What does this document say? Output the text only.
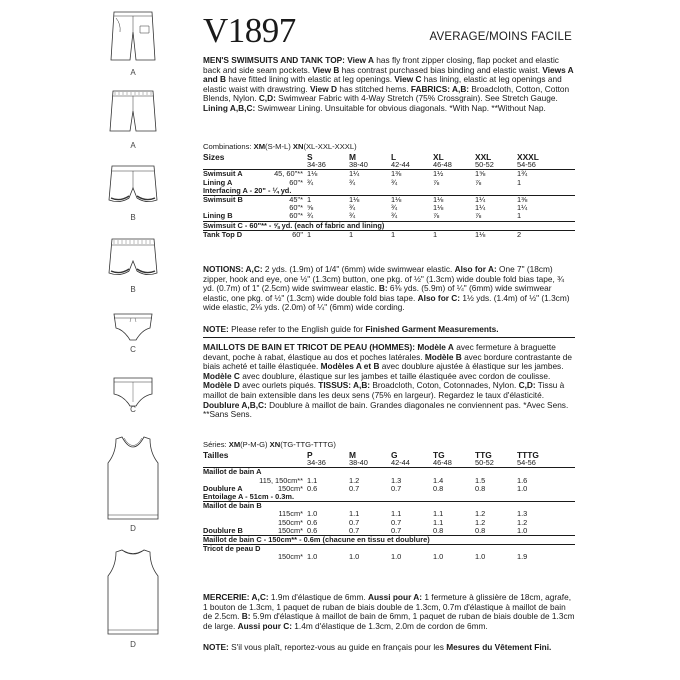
A
A
B
B
C
C
D
D
V1897	AVERAGE/MOINS FACILE
MEN'S SWIMSUITS AND TANK TOP: View A has fly front zipper closing, flap pocket and elastic back and side seam pockets. View B has contrast purchased bias binding and elastic waist. Views A and B have fitted lining with elastic at leg openings. View C has lining, elastic at leg openings and elastic waist with drawstring. View D has stitched hems. FABRICS: A,B: Broadcloth, Cotton, Cotton Blends, Nylon. C,D: Swimwear Fabric with 4-Way Stretch (75% Crossgrain). See Stretch Gauge. Lining A,B,C: Swimwear Lining. Unsuitable for obvious diagonals. *With Nap. **Without Nap.
Combinations: XM(S-M-L) XN(XL-XXL-XXXL)
Sizes	S	M	L	XL	XXL	XXXL
	34-36	38-40	42-44	46-48	50-52	54-56
Swimsuit A 45, 60"**	1⅛	1¼	1⅜	1½	1⅝	1¾
Lining A 60"*	¾	¾	¾	⅞	⅞	1
Interfacing A - 20" - ¼ yd.						
Swimsuit B 45"*	1	1⅛	1⅛	1⅛	1¼	1⅜

60"*	⅝	¾	¾	1⅛	1¼	1¼
Lining B 60"*	¾	¾	¾	⅞	⅞	1
Swimsuit C - 60"** - ⅝ yd. (each of fabric and lining)						
Tank Top D 60"	1	1	1	1	1⅛	2
NOTIONS: A,C: 2 yds. (1.9m) of 1/4" (6mm) wide swimwear elastic. Also for A: One 7" (18cm) zipper, hook and eye, one ½" (1.3cm) button, one pkg. of ½" (1.3cm) wide double fold bias tape, ¾ yd. (0.7m) of 1" (2.5cm) wide swimwear elastic. B: 6⅜ yds. (5.9m) of ¼" (6mm) wide swimwear elastic, one pkg. of ½" (1.3cm) wide double fold bias tape. Also for C: 1½ yds. (1.4m) of ½" (1.3cm) wide elastic, 2⅛ yds. (2.0m) of ¼" (6mm) wide cording.
NOTE: Please refer to the English guide for Finished Garment Measurements.
MAILLOTS DE BAIN ET TRICOT DE PEAU (HOMMES): Modèle A avec fermeture à braguette devant, poche à rabat, élastique au dos et poches latérales. Modèle B avec bordure contrastante de biais acheté et taille élastiquée. Modèles A et B avec doublure ajustée à élastique sur les jambes. Modèle C avec doublure, élastique sur les jambes et taille élastiquée avec cordon de coulisse. Modèle D avec ourlets piqués. TISSUS: A,B: Broadcloth, Coton, Cotonnades, Nylon. C,D: Tissu à maillot de bain extensible dans les deux sens (75% en largeur). Regardez le taux d'élasticité. Doublure A,B,C: Doublure à maillot de bain. Grandes diagonales ne conviennent pas. *Avec Sens. **Sans Sens.
Séries: XM(P-M-G) XN(TG-TTG-TTTG)
Tailles	P	M	G	TG	TTG	TTTG
	34-36	38-40	42-44	46-48	50-52	54-56
Maillot de bain A						

115, 150cm**	1.1	1.2	1.3	1.4	1.5	1.6
Doublure A 150cm*	0.6	0.7	0.7	0.8	0.8	1.0
Entoilage A - 51cm - 0.3m.						
Maillot de bain B						

115cm*	1.0	1.1	1.1	1.1	1.2	1.3

150cm*	0.6	0.7	0.7	1.1	1.2	1.2
Doublure B 150cm*	0.6	0.7	0.7	0.8	0.8	1.0
Maillot de bain C - 150cm** - 0.6m (chacune en tissu et doublure)						
Tricot de peau D						

150cm*	1.0	1.0	1.0	1.0	1.0	1.9
MERCERIE: A,C: 1.9m d'élastique de 6mm. Aussi pour A: 1 fermeture à glissière de 18cm, agrafe, 1 bouton de 1.3cm, 1 paquet de ruban de biais double de 1.3cm, 0.7m d'élastique à maillot de bain de 2.5cm. B: 5.9m d'élastique à maillot de bain de 6mm, 1 paquet de ruban de biais double de 1.3cm de large. Aussi pour C: 1.4m d'élastique de 1.3cm, 2.0m de cordon de 6mm.
NOTE: S'il vous plaît, reportez-vous au guide en français pour les Mesures du Vêtement Fini.
